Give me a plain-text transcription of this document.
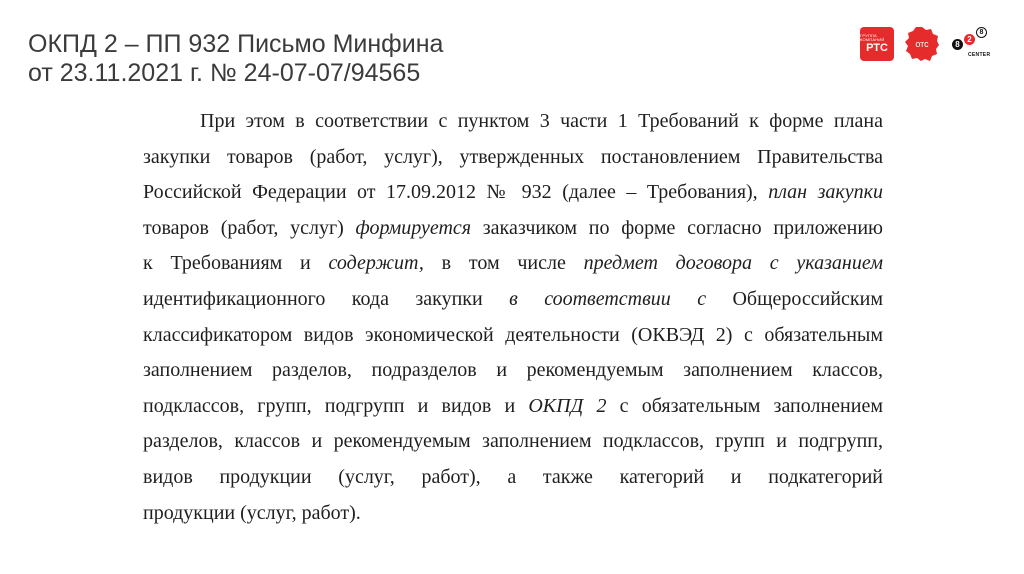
ОКПД 2 – ПП 932 Письмо Минфина
от 23.11.2021 г. № 24-07-07/94565
ГРУППА КОМПАНИЙ
РТС	отс	8
2
8
CENTER
При этом в соответствии с пунктом 3 части 1 Требований к форме плана
закупки товаров (работ, услуг), утвержденных постановлением Правительства
Российской Федерации от 17.09.2012 № 932 (далее – Требования), план закупки
товаров (работ, услуг) формируется заказчиком по форме согласно приложению
к Требованиям и содержит, в том числе предмет договора с указанием
идентификационного кода закупки в соответствии с Общероссийским
классификатором видов экономической деятельности (ОКВЭД 2) с обязательным
заполнением разделов, подразделов и рекомендуемым заполнением классов,
подклассов, групп, подгрупп и видов и ОКПД 2 с обязательным заполнением
разделов, классов и рекомендуемым заполнением подклассов, групп и подгрупп,
видов продукции (услуг, работ), а также категорий и подкатегорий
продукции (услуг, работ).
